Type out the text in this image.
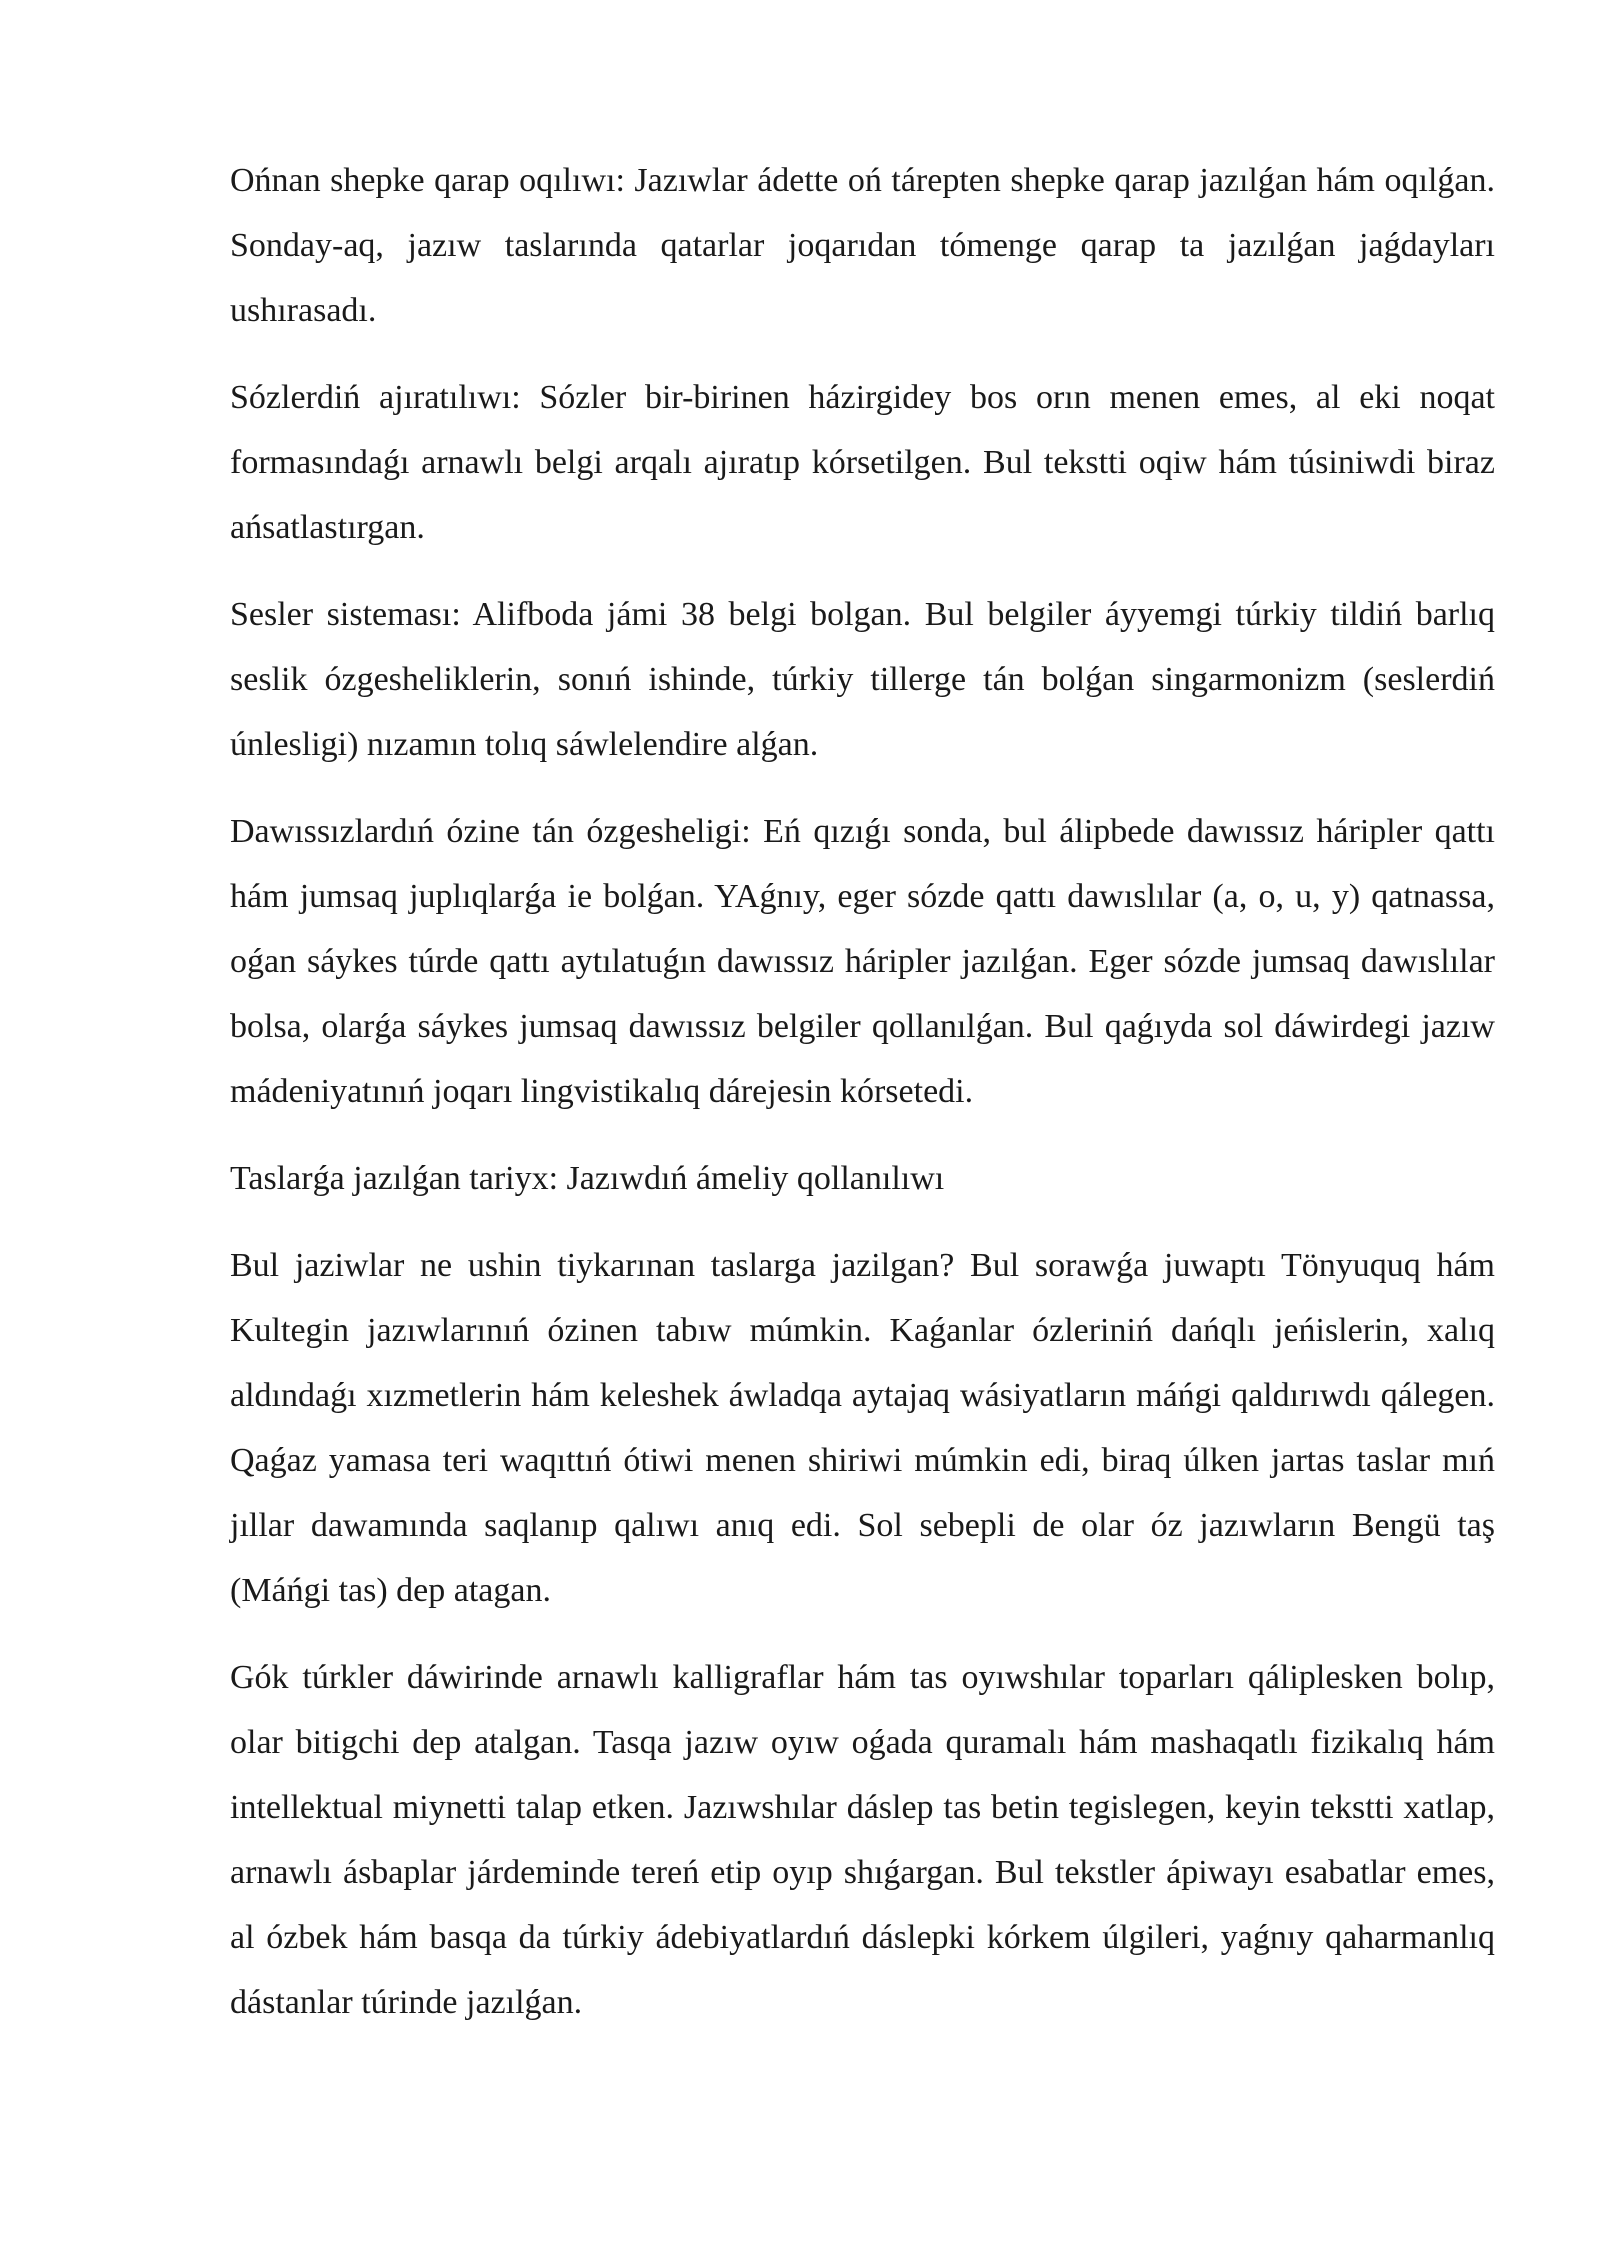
Ońnan shepke qarap oqılıwı: Jazıwlar ádette oń tárepten shepke qarap jazılǵan hám oqılǵan. Sonday-aq, jazıw taslarında qatarlar joqarıdan tómenge qarap ta jazılǵan jaǵdayları ushırasadı.

Sózlerdiń ajıratılıwı: Sózler bir-birinen házirgidey bos orın menen emes, al eki noqat formasındaǵı arnawlı belgi arqalı ajıratıp kórsetilgen. Bul tekstti oqiw hám túsiniwdi biraz ańsatlastırgan.

Sesler sisteması: Alifboda jámi 38 belgi bolgan. Bul belgiler áyyemgi túrkiy tildiń barlıq seslik ózgesheliklerin, sonıń ishinde, túrkiy tillerge tán bolǵan singarmonizm (seslerdiń únlesligi) nızamın tolıq sáwlelendire alǵan.

Dawıssızlardıń ózine tán ózgesheligi: Eń qızıǵı sonda, bul álipbede dawıssız háripler qattı hám jumsaq juplıqlarǵa ie bolǵan. YAǵnıy, eger sózde qattı dawıslılar (a, o, u, y) qatnassa, oǵan sáykes túrde qattı aytılatuǵın dawıssız háripler jazılǵan. Eger sózde jumsaq dawıslılar bolsa, olarǵa sáykes jumsaq dawıssız belgiler qollanılǵan. Bul qaǵıyda sol dáwirdegi jazıw mádeniyatınıń joqarı lingvistikalıq dárejesin kórsetedi.

Taslarǵa jazılǵan tariyx: Jazıwdıń ámeliy qollanılıwı

Bul jaziwlar ne ushin tiykarınan taslarga jazilgan? Bul sorawǵa juwaptı Tönyuquq hám Kultegin jazıwlarınıń ózinen tabıw múmkin. Kaǵanlar ózleriniń dańqlı jeńislerin, xalıq aldındaǵı xızmetlerin hám keleshek áwladqa aytajaq wásiyatların máńgi qaldırıwdı qálegen. Qaǵaz yamasa teri waqıttıń ótiwi menen shiriwi múmkin edi, biraq úlken jartas taslar mıń jıllar dawamında saqlanıp qalıwı anıq edi. Sol sebepli de olar óz jazıwların Bengü taş (Máńgi tas) dep atagan.

Gók túrkler dáwirinde arnawlı kalligraflar hám tas oyıwshılar toparları qáliplesken bolıp, olar bitigchi dep atalgan. Tasqa jazıw oyıw oǵada quramalı hám mashaqatlı fizikalıq hám intellektual miynetti talap etken. Jazıwshılar dáslep tas betin tegislegen, keyin tekstti xatlap, arnawlı ásbaplar járdeminde tereń etip oyıp shıǵargan. Bul tekstler ápiwayı esabatlar emes, al ózbek hám basqa da túrkiy ádebiyatlardıń dáslepki kórkem úlgileri, yaǵnıy qaharmanlıq dástanlar túrinde jazılǵan.
